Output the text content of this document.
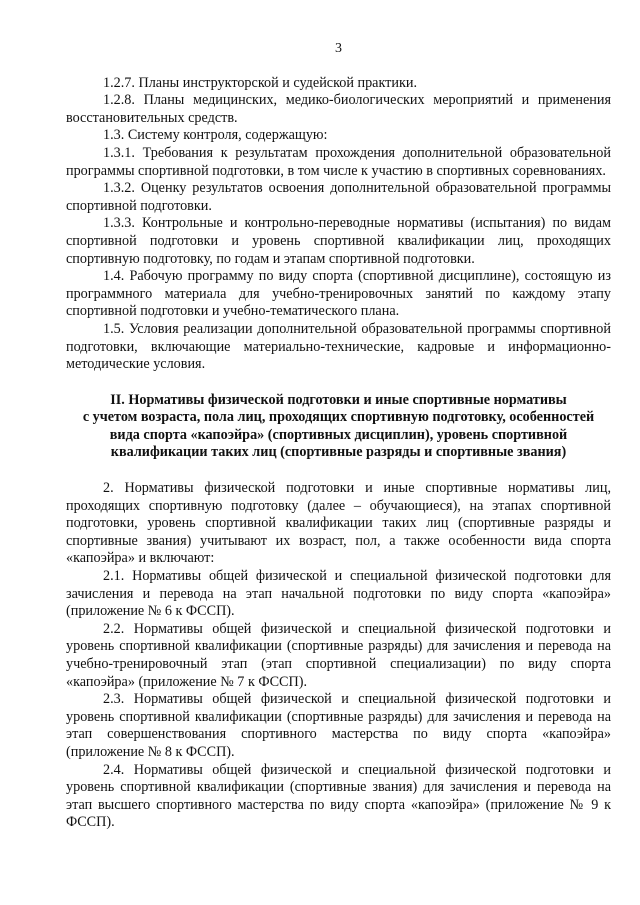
3

1.2.7. Планы инструкторской и судейской практики.

1.2.8. Планы медицинских, медико-биологических мероприятий и применения восстановительных средств.

1.3. Систему контроля, содержащую:

1.3.1. Требования к результатам прохождения дополнительной образовательной программы спортивной подготовки, в том числе к участию в спортивных соревнованиях.

1.3.2. Оценку результатов освоения дополнительной образовательной программы спортивной подготовки.

1.3.3. Контрольные и контрольно-переводные нормативы (испытания) по видам спортивной подготовки и уровень спортивной квалификации лиц, проходящих спортивную подготовку, по годам и этапам спортивной подготовки.

1.4. Рабочую программу по виду спорта (спортивной дисциплине), состоящую из программного материала для учебно-тренировочных занятий по каждому этапу спортивной подготовки и учебно-тематического плана.

1.5. Условия реализации дополнительной образовательной программы спортивной подготовки, включающие материально-технические, кадровые и информационно-методические условия.

II. Нормативы физической подготовки и иные спортивные нормативы
с учетом возраста, пола лиц, проходящих спортивную подготовку, особенностей
вида спорта «капоэйра» (спортивных дисциплин), уровень спортивной
квалификации таких лиц (спортивные разряды и спортивные звания)

2. Нормативы физической подготовки и иные спортивные нормативы лиц, проходящих спортивную подготовку (далее – обучающиеся), на этапах спортивной подготовки, уровень спортивной квалификации таких лиц (спортивные разряды и спортивные звания) учитывают их возраст, пол, а также особенности вида спорта «капоэйра» и включают:

2.1. Нормативы общей физической и специальной физической подготовки для зачисления и перевода на этап начальной подготовки по виду спорта «капоэйра» (приложение № 6 к ФССП).

2.2. Нормативы общей физической и специальной физической подготовки и уровень спортивной квалификации (спортивные разряды) для зачисления и перевода на учебно-тренировочный этап (этап спортивной специализации) по виду спорта «капоэйра» (приложение № 7 к ФССП).

2.3. Нормативы общей физической и специальной физической подготовки и уровень спортивной квалификации (спортивные разряды) для зачисления и перевода на этап совершенствования спортивного мастерства по виду спорта «капоэйра» (приложение № 8 к ФССП).

2.4. Нормативы общей физической и специальной физической подготовки и уровень спортивной квалификации (спортивные звания) для зачисления и перевода на этап высшего спортивного мастерства по виду спорта «капоэйра» (приложение № 9 к ФССП).
